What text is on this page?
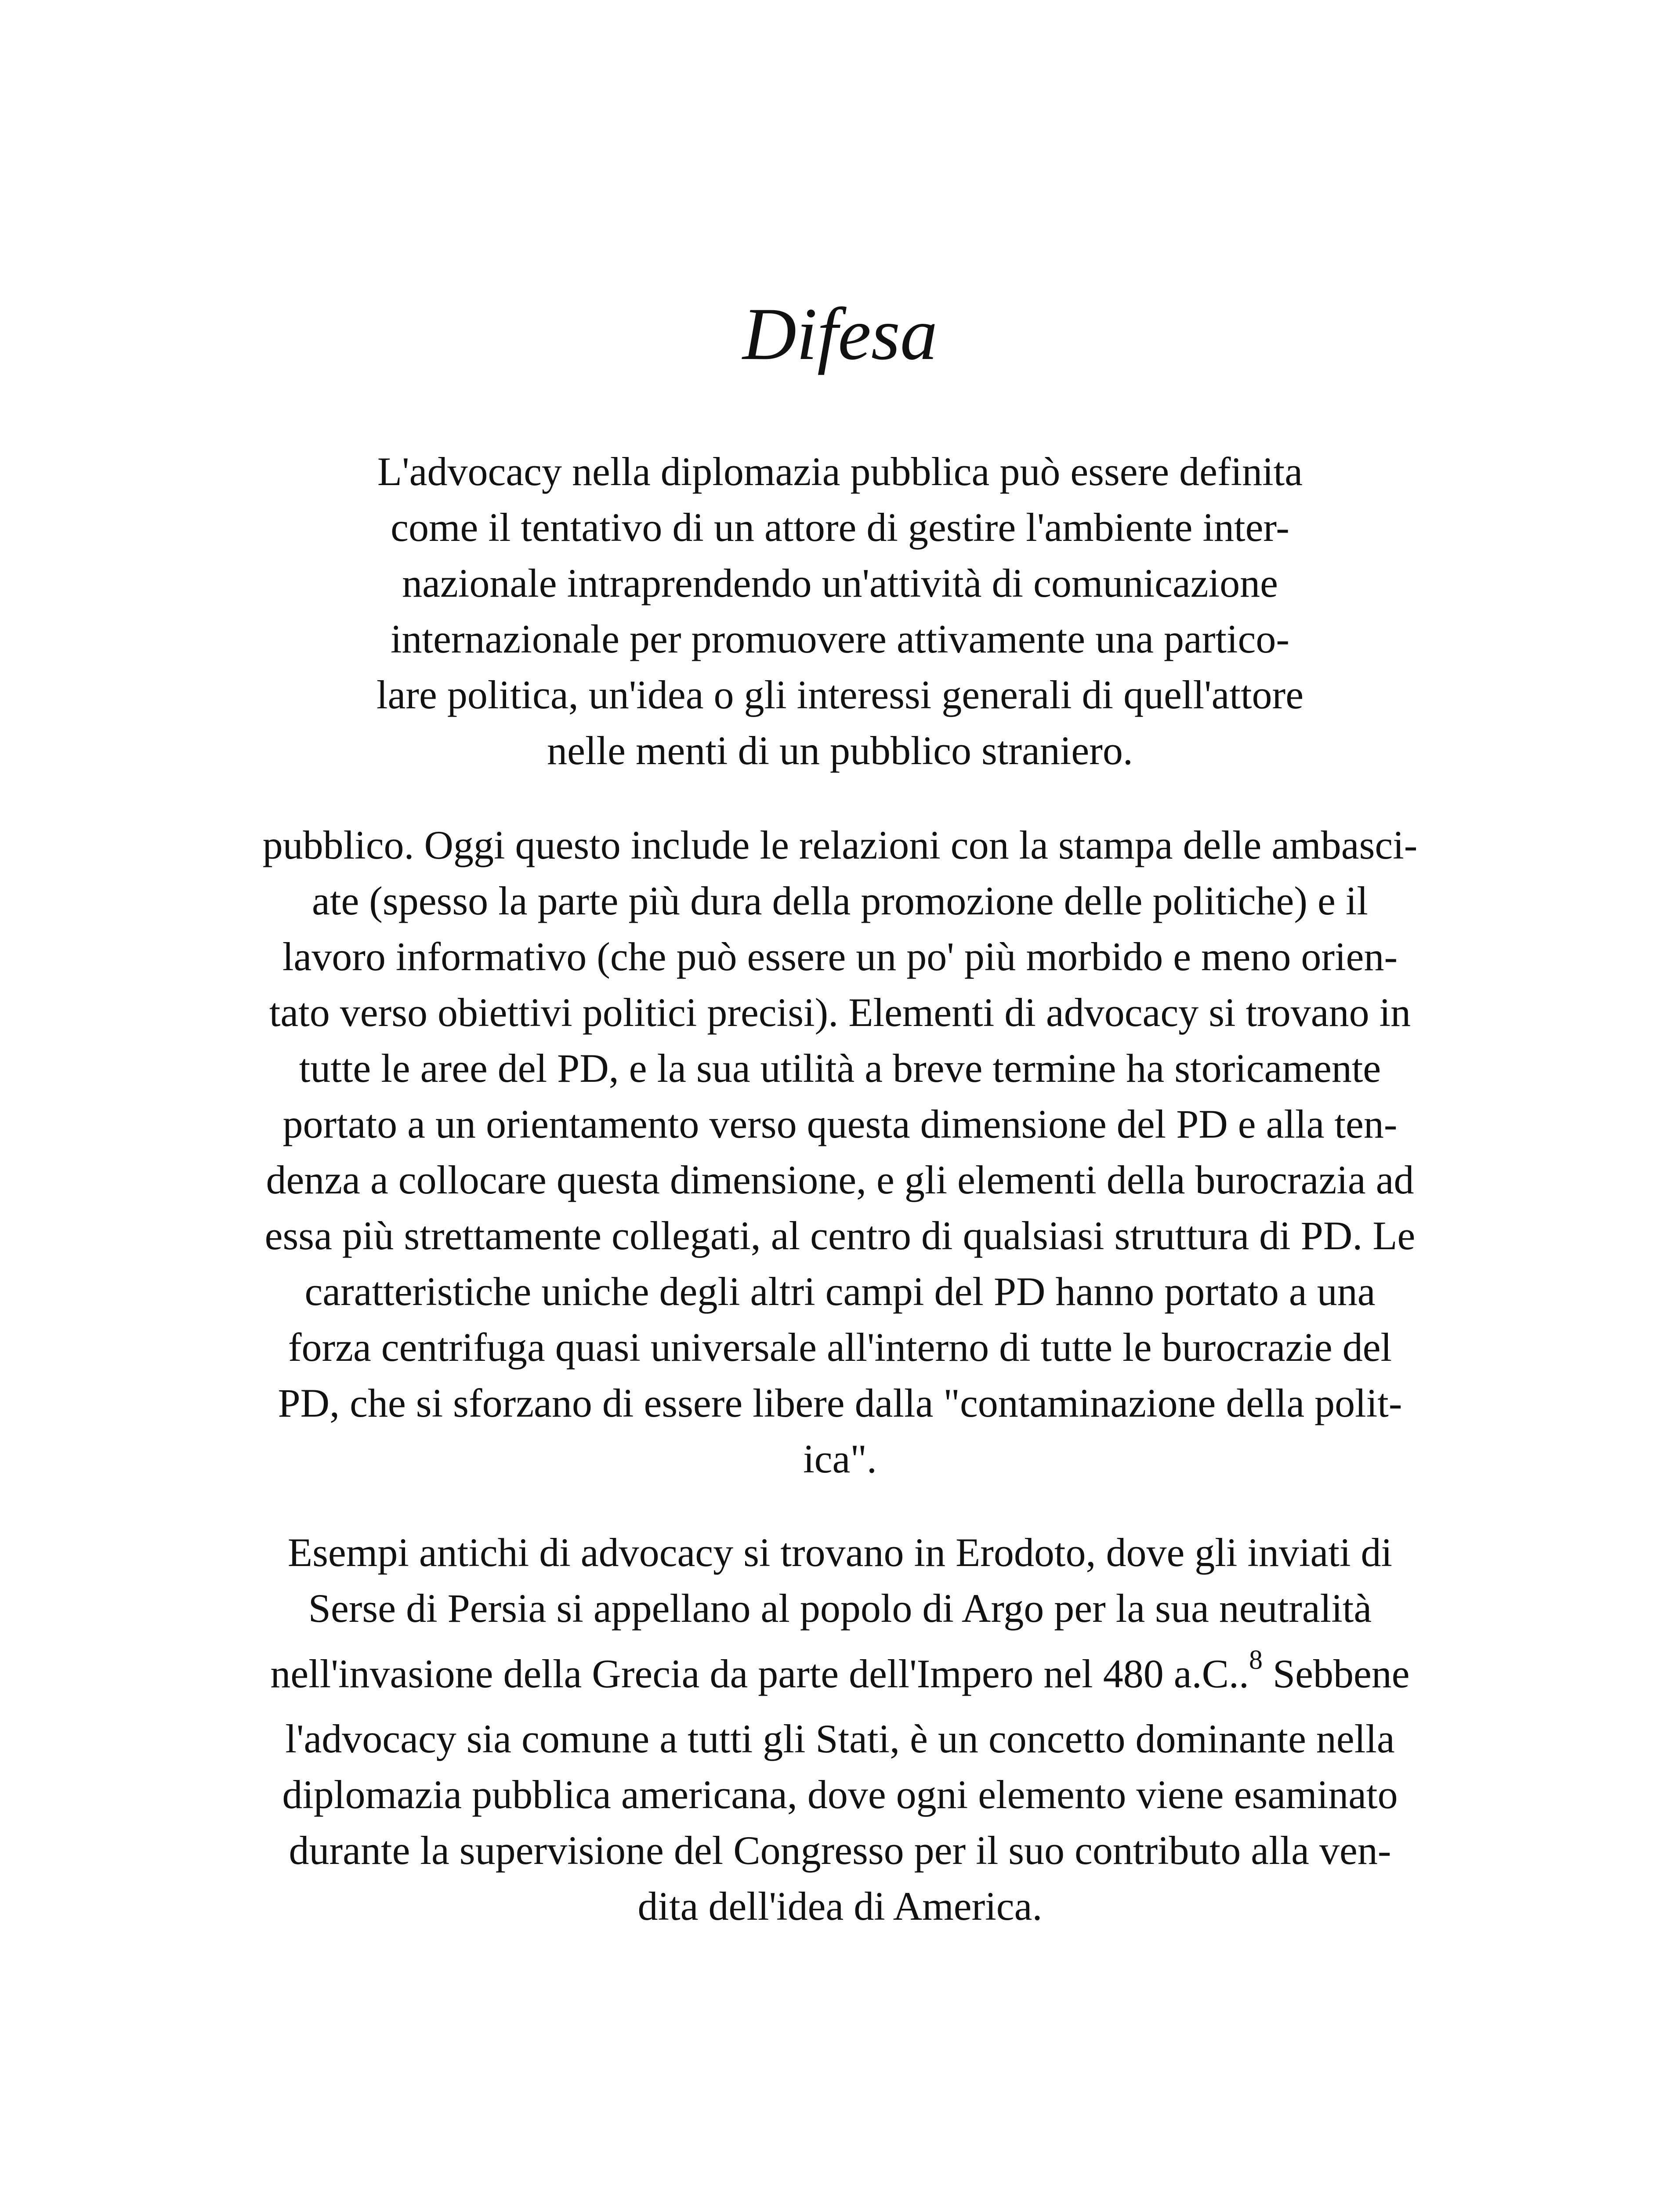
Difesa
L'advocacy nella diplomazia pubblica può essere definita
come il tentativo di un attore di gestire l'ambiente inter-
nazionale intraprendendo un'attività di comunicazione
internazionale per promuovere attivamente una partico-
lare politica, un'idea o gli interessi generali di quell'attore
nelle menti di un pubblico straniero.
pubblico. Oggi questo include le relazioni con la stampa delle ambasci-
ate (spesso la parte più dura della promozione delle politiche) e il
lavoro informativo (che può essere un po' più morbido e meno orien-
tato verso obiettivi politici precisi). Elementi di advocacy si trovano in
tutte le aree del PD, e la sua utilità a breve termine ha storicamente
portato a un orientamento verso questa dimensione del PD e alla ten-
denza a collocare questa dimensione, e gli elementi della burocrazia ad
essa più strettamente collegati, al centro di qualsiasi struttura di PD. Le
caratteristiche uniche degli altri campi del PD hanno portato a una
forza centrifuga quasi universale all'interno di tutte le burocrazie del
PD, che si sforzano di essere libere dalla "contaminazione della polit-
ica".
Esempi antichi di advocacy si trovano in Erodoto, dove gli inviati di
Serse di Persia si appellano al popolo di Argo per la sua neutralità
nell'invasione della Grecia da parte dell'Impero nel 480 a.C..$^8$ Sebbene
l'advocacy sia comune a tutti gli Stati, è un concetto dominante nella
diplomazia pubblica americana, dove ogni elemento viene esaminato
durante la supervisione del Congresso per il suo contributo alla ven-
dita dell'idea di America.
